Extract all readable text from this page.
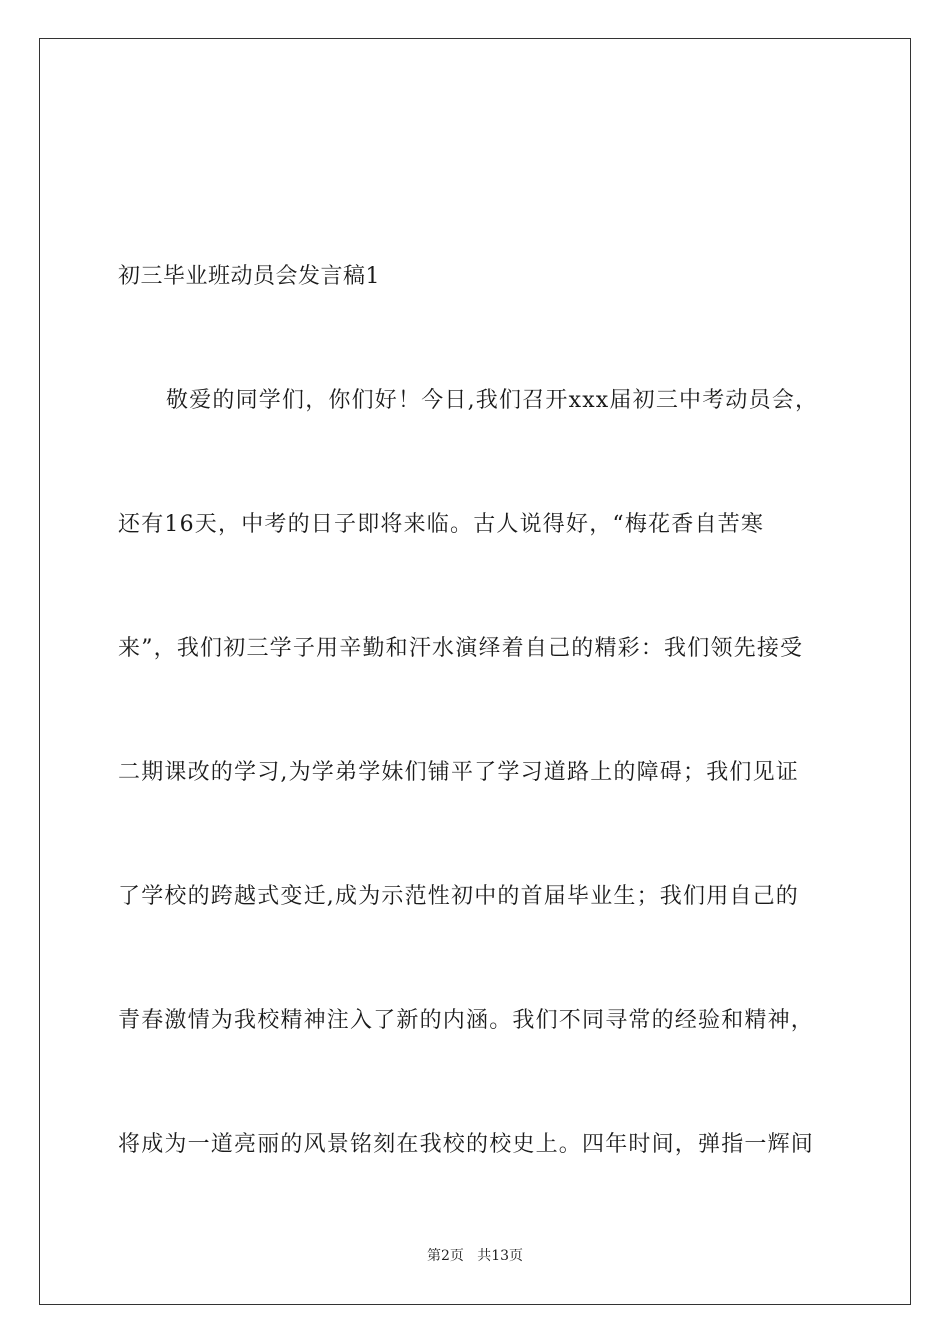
初三毕业班动员会发言稿1
敬爱的同学们，你们好！今日,我们召开xxx届初三中考动员会，
还有16天，中考的日子即将来临。古人说得好，“梅花香自苦寒
来”，我们初三学子用辛勤和汗水演绎着自己的精彩：我们领先接受
二期课改的学习,为学弟学妹们铺平了学习道路上的障碍；我们见证
了学校的跨越式变迁,成为示范性初中的首届毕业生；我们用自己的
青春激情为我校精神注入了新的内涵。我们不同寻常的经验和精神，
将成为一道亮丽的风景铭刻在我校的校史上。四年时间，弹指一辉间
第2页   共13页
